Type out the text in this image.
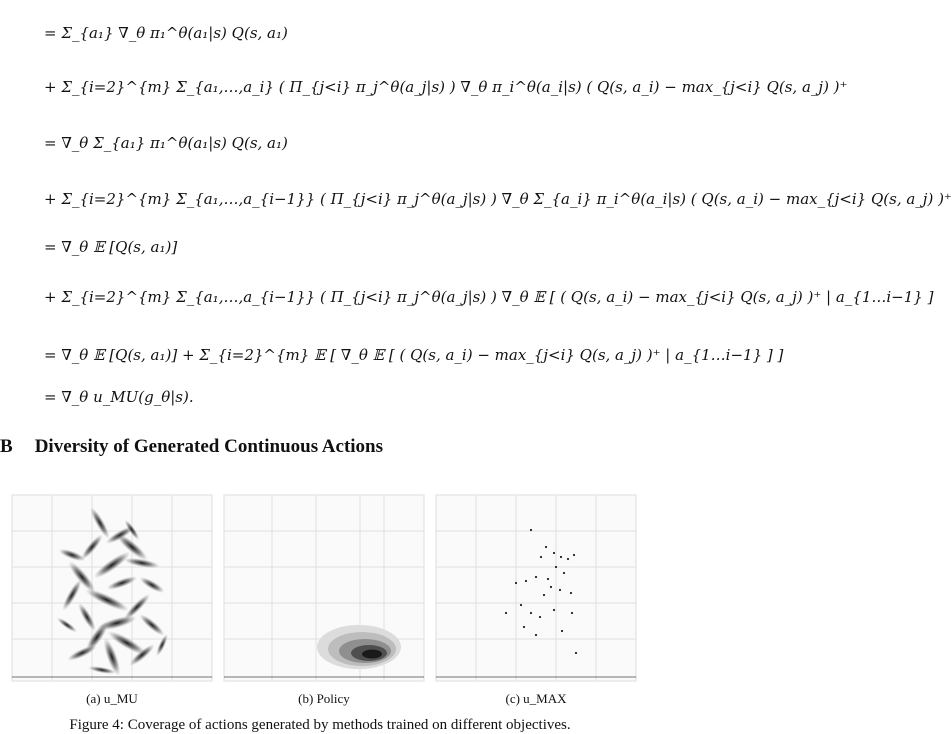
= Σ_{a₁} ∇_θ π₁^θ(a₁|s) Q(s, a₁)
+ Σ_{i=2}^{m} Σ_{a₁,…,a_i} ( Π_{j<i} π_j^θ(a_j|s) ) ∇_θ π_i^θ(a_i|s) ( Q(s, a_i) − max_{j<i} Q(s, a_j) )⁺
= ∇_θ Σ_{a₁} π₁^θ(a₁|s) Q(s, a₁)
+ Σ_{i=2}^{m} Σ_{a₁,…,a_{i−1}} ( Π_{j<i} π_j^θ(a_j|s) ) ∇_θ Σ_{a_i} π_i^θ(a_i|s) ( Q(s, a_i) − max_{j<i} Q(s, a_j) )⁺
= ∇_θ 𝔼 [Q(s, a₁)]
+ Σ_{i=2}^{m} Σ_{a₁,…,a_{i−1}} ( Π_{j<i} π_j^θ(a_j|s) ) ∇_θ 𝔼 [ ( Q(s, a_i) − max_{j<i} Q(s, a_j) )⁺ | a_{1…i−1} ]
= ∇_θ 𝔼 [Q(s, a₁)] + Σ_{i=2}^{m} 𝔼 [ ∇_θ 𝔼 [ ( Q(s, a_i) − max_{j<i} Q(s, a_j) )⁺ | a_{1…i−1} ] ]
= ∇_θ u_MU(g_θ|s).
B Diversity of Generated Continuous Actions
(a) u_MU	(b) Policy	(c) u_MAX
Figure 4: Coverage of actions generated by methods trained on different objectives.
